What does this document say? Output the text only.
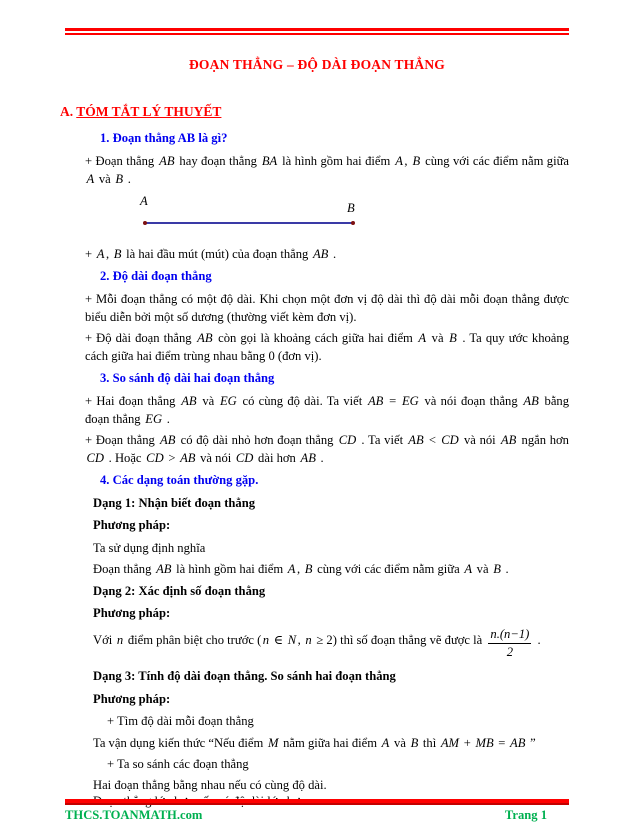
ĐOẠN THẲNG – ĐỘ DÀI ĐOẠN THẲNG
A. TÓM TẮT LÝ THUYẾT
1. Đoạn thẳng AB là gì?
+ Đoạn thẳng AB hay đoạn thẳng BA là hình gồm hai điểm A , B cùng với các điểm nằm giữa A và B .
A	B
+ A , B là hai đầu mút (mút) của đoạn thẳng AB .
2. Độ dài đoạn thẳng
+ Mỗi đoạn thẳng có một độ dài. Khi chọn một đơn vị độ dài thì độ dài mỗi đoạn thẳng được biểu diễn bởi một số dương (thường viết kèm đơn vị).
+ Độ dài đoạn thẳng AB còn gọi là khoảng cách giữa hai điểm A và B . Ta quy ước khoảng cách giữa hai điểm trùng nhau bằng 0 (đơn vị).
3. So sánh độ dài hai đoạn thẳng
+ Hai đoạn thẳng AB và EG có cùng độ dài. Ta viết AB = EG và nói đoạn thẳng AB bằng đoạn thẳng EG .
+ Đoạn thẳng AB có độ dài nhỏ hơn đoạn thẳng CD . Ta viết AB < CD và nói AB ngắn hơn CD . Hoặc CD > AB và nói CD dài hơn AB .
4. Các dạng toán thường gặp.
Dạng 1: Nhận biết đoạn thẳng
Phương pháp:
Ta sử dụng định nghĩa
Đoạn thẳng AB là hình gồm hai điểm A , B cùng với các điểm nằm giữa A và B .
Dạng 2: Xác định số đoạn thẳng
Phương pháp:
Với n điểm phân biệt cho trước ( n ∈ N , n ≥ 2) thì số đoạn thẳng vẽ được là $\frac{n.(n-1)}{2}$ .
Dạng 3: Tính độ dài đoạn thẳng. So sánh hai đoạn thẳng
Phương pháp:
+ Tìm độ dài mỗi đoạn thẳng
Ta vận dụng kiến thức “Nếu điểm M nằm giữa hai điểm A và B thì AM + MB = AB ”
+ Ta so sánh các đoạn thẳng
Hai đoạn thẳng bằng nhau nếu có cùng độ dài.
THCS.TOANMATH.com	Trang 1
